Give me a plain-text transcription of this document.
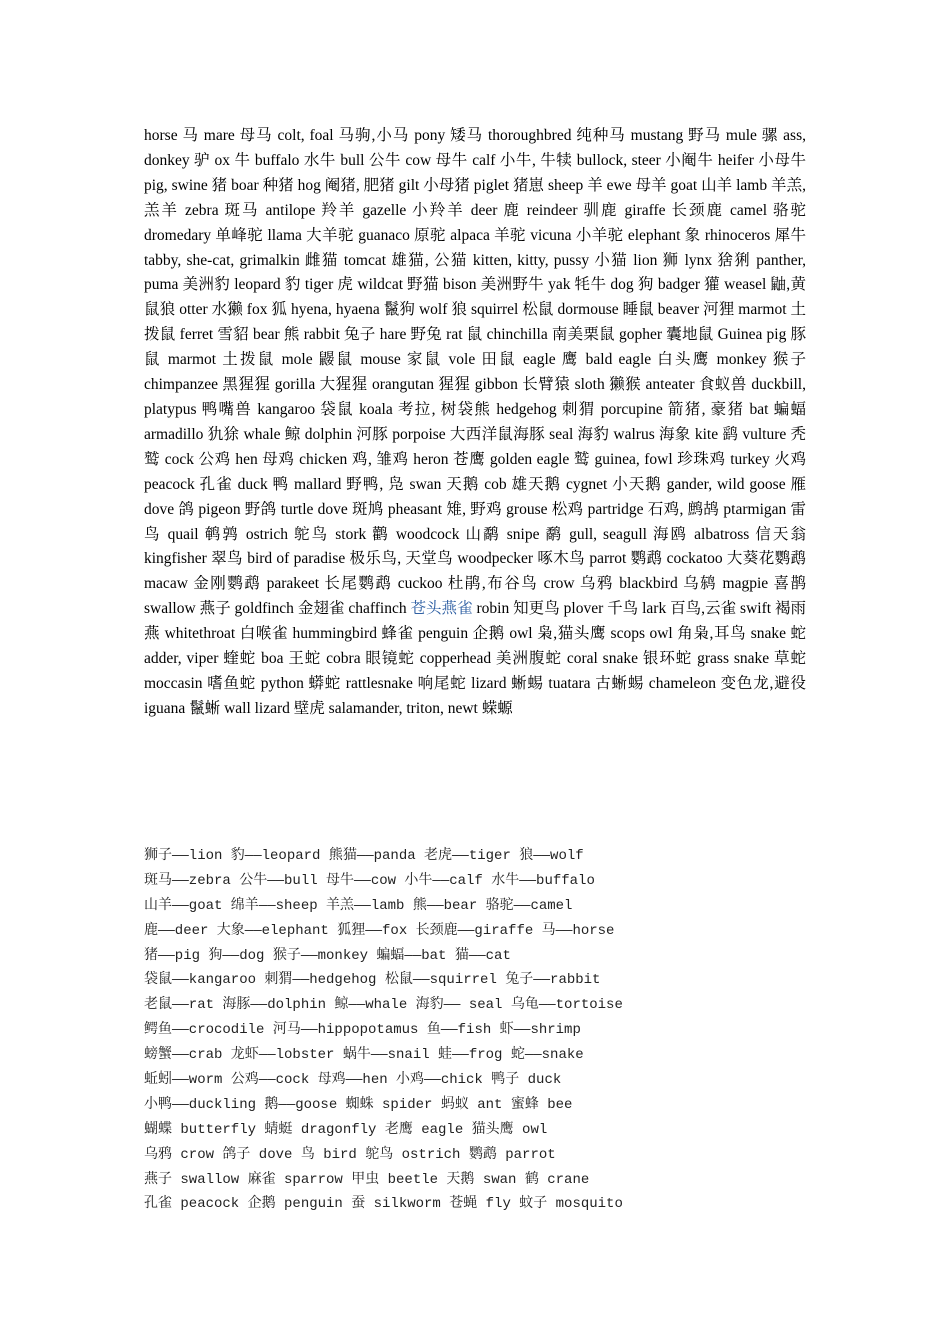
horse 马 mare 母马 colt, foal 马驹,小马 pony 矮马 thoroughbred 纯种马 mustang 野马 mule 骡 ass, donkey 驴 ox 牛 buffalo 水牛 bull 公牛 cow 母牛 calf 小牛, 牛犊 bullock, steer 小阉牛 heifer 小母牛 pig, swine 猪 boar 种猪 hog 阉猪, 肥猪 gilt 小母猪 piglet 猪崽 sheep 羊 ewe 母羊 goat 山羊 lamb 羊羔,羔羊 zebra 斑马 antilope 羚羊 gazelle 小羚羊 deer 鹿 reindeer 驯鹿 giraffe 长颈鹿 camel 骆驼 dromedary 单峰驼 llama 大羊驼 guanaco 原驼 alpaca 羊驼 vicuna 小羊驼 elephant 象 rhinoceros 犀牛 tabby, she-cat, grimalkin 雌猫 tomcat 雄猫, 公猫 kitten, kitty, pussy 小猫 lion 狮 lynx 猞猁 panther, puma 美洲豹 leopard 豹 tiger 虎 wildcat 野猫 bison 美洲野牛 yak 牦牛 dog 狗 badger 獾 weasel 鼬,黄鼠狼 otter 水獭 fox 狐 hyena, hyaena 鬣狗 wolf 狼 squirrel 松鼠 dormouse 睡鼠 beaver 河狸 marmot 土拨鼠 ferret 雪貂 bear 熊 rabbit 兔子 hare 野兔 rat 鼠 chinchilla 南美栗鼠 gopher 囊地鼠 Guinea pig 豚鼠 marmot 土拨鼠 mole 鼹鼠 mouse 家鼠 vole 田鼠 eagle 鹰 bald eagle 白头鹰 monkey 猴子 chimpanzee 黑猩猩 gorilla 大猩猩 orangutan 猩猩 gibbon 长臂猿 sloth 獭猴 anteater 食蚁兽 duckbill, platypus 鸭嘴兽 kangaroo 袋鼠 koala 考拉, 树袋熊 hedgehog 刺猬 porcupine 箭猪, 豪猪 bat 蝙蝠 armadillo 犰狳 whale 鲸 dolphin 河豚 porpoise 大西洋鼠海豚 seal 海豹 walrus 海象 kite 鹞 vulture 秃鹫 cock 公鸡 hen 母鸡 chicken 鸡, 雏鸡 heron 苍鹰 golden eagle 鹫 guinea, fowl 珍珠鸡 turkey 火鸡 peacock 孔雀 duck 鸭 mallard 野鸭, 凫 swan 天鹅 cob 雄天鹅 cygnet 小天鹅 gander, wild goose 雁 dove 鸽 pigeon 野鸽 turtle dove 斑鸠 pheasant 雉, 野鸡 grouse 松鸡 partridge 石鸡, 鹧鸪 ptarmigan 雷鸟 quail 鹌鹑 ostrich 鸵鸟 stork 鹳 woodcock 山鹬 snipe 鹬 gull, seagull 海鸥 albatross 信天翁 kingfisher 翠鸟 bird of paradise 极乐鸟, 天堂鸟 woodpecker 啄木鸟 parrot 鹦鹉 cockatoo 大葵花鹦鹉 macaw 金刚鹦鹉 parakeet 长尾鹦鹉 cuckoo 杜鹃,布谷鸟 crow 乌鸦 blackbird 乌鸫 magpie 喜鹊 swallow 燕子 goldfinch 金翅雀 chaffinch 苍头燕雀 robin 知更鸟 plover 千鸟 lark 百鸟,云雀 swift 褐雨燕 whitethroat 白喉雀 hummingbird 蜂雀 penguin 企鹅 owl 枭,猫头鹰 scops owl 角枭,耳鸟 snake 蛇 adder, viper 蝰蛇 boa 王蛇 cobra 眼镜蛇 copperhead 美洲腹蛇 coral snake 银环蛇 grass snake 草蛇 moccasin 嗜鱼蛇 python 蟒蛇 rattlesnake 响尾蛇 lizard 蜥蜴 tuatara 古蜥蜴 chameleon 变色龙,避役 iguana 鬣蜥 wall lizard 壁虎 salamander, triton, newt 蝾螈

狮子——lion 豹——leopard 熊猫——panda 老虎——tiger 狼——wolf
斑马——zebra 公牛——bull 母牛——cow 小牛——calf 水牛——buffalo
山羊——goat 绵羊——sheep 羊羔——lamb 熊——bear 骆驼——camel
鹿——deer 大象——elephant 狐狸——fox 长颈鹿——giraffe 马——horse
猪——pig 狗——dog 猴子——monkey 蝙蝠——bat 猫——cat
袋鼠——kangaroo 刺猬——hedgehog 松鼠——squirrel 兔子——rabbit
老鼠——rat 海豚——dolphin 鲸——whale 海豹—— seal 乌龟——tortoise
鳄鱼——crocodile 河马——hippopotamus 鱼——fish 虾——shrimp
螃蟹——crab 龙虾——lobster 蜗牛——snail 蛙——frog 蛇——snake
蚯蚓——worm 公鸡——cock 母鸡——hen 小鸡——chick 鸭子 duck
小鸭——duckling 鹅——goose 蜘蛛 spider 蚂蚁 ant 蜜蜂 bee
蝴蝶 butterfly 蜻蜓 dragonfly 老鹰 eagle 猫头鹰 owl
乌鸦 crow 鸽子 dove 鸟 bird 鸵鸟 ostrich 鹦鹉 parrot
燕子 swallow 麻雀 sparrow 甲虫 beetle 天鹅 swan 鹤 crane
孔雀 peacock 企鹅 penguin 蚕 silkworm 苍蝇 fly 蚊子 mosquito
